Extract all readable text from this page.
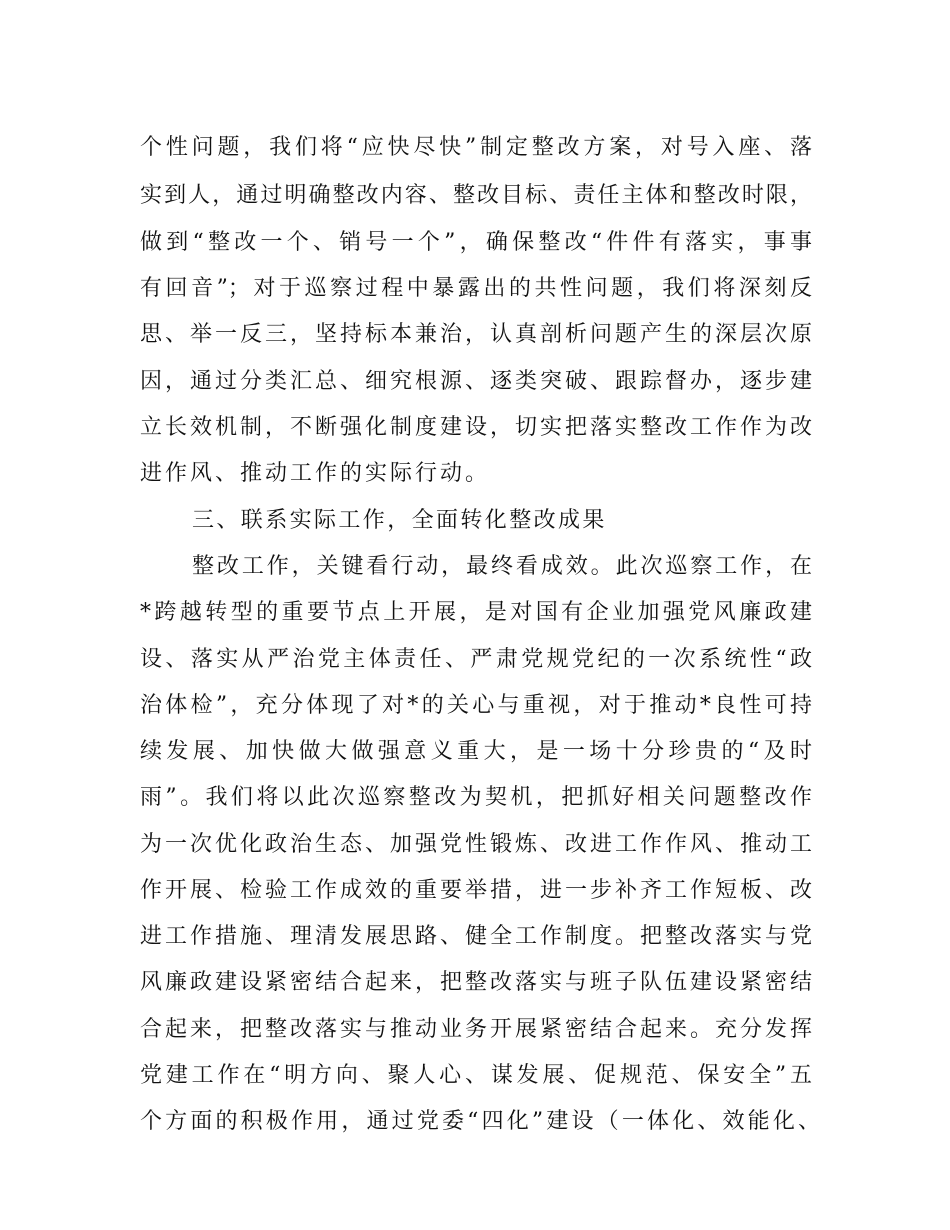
个性问题，我们将“应快尽快”制定整改方案，对号入座、落
实到人，通过明确整改内容、整改目标、责任主体和整改时限，
做到“整改一个、销号一个”，确保整改“件件有落实，事事
有回音”；对于巡察过程中暴露出的共性问题，我们将深刻反
思、举一反三，坚持标本兼治，认真剖析问题产生的深层次原
因，通过分类汇总、细究根源、逐类突破、跟踪督办，逐步建
立长效机制，不断强化制度建设，切实把落实整改工作作为改
进作风、推动工作的实际行动。
三、联系实际工作，全面转化整改成果
整改工作，关键看行动，最终看成效。此次巡察工作，在
*跨越转型的重要节点上开展，是对国有企业加强党风廉政建
设、落实从严治党主体责任、严肃党规党纪的一次系统性“政
治体检”，充分体现了对*的关心与重视，对于推动*良性可持
续发展、加快做大做强意义重大，是一场十分珍贵的“及时
雨”。我们将以此次巡察整改为契机，把抓好相关问题整改作
为一次优化政治生态、加强党性锻炼、改进工作作风、推动工
作开展、检验工作成效的重要举措，进一步补齐工作短板、改
进工作措施、理清发展思路、健全工作制度。把整改落实与党
风廉政建设紧密结合起来，把整改落实与班子队伍建设紧密结
合起来，把整改落实与推动业务开展紧密结合起来。充分发挥
党建工作在“明方向、聚人心、谋发展、促规范、保安全”五
个方面的积极作用，通过党委“四化”建设（一体化、效能化、
